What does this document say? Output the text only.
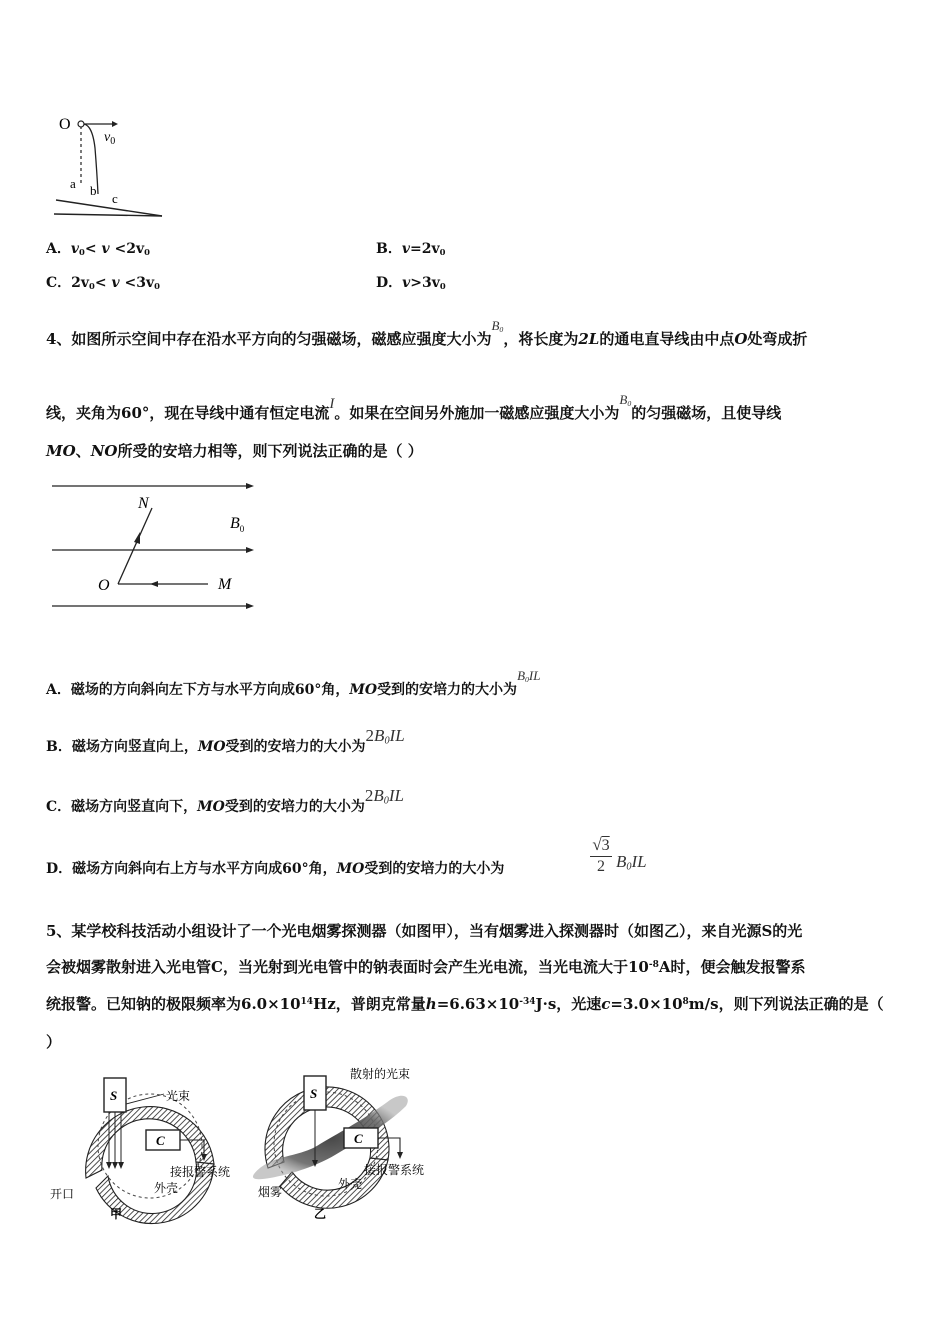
O
$v_0$
a b
c
A．$v_0< v <2v_0$	B．$v=2v_0$
C．$2v_0< v <3v_0$	D．$v>3v_0$
4、如图所示空间中存在沿水平方向的匀强磁场，磁感应强度大小为$B_0$，将长度为2L的通电直导线由中点O处弯成折
线，夹角为60°，现在导线中通有恒定电流I。如果在空间另外施加一磁感应强度大小为$B_0$的匀强磁场，且使导线
MO、NO所受的安培力相等，则下列说法正确的是（ ）
N
O	M
$B_0$
A．磁场的方向斜向左下方与水平方向成60°角，MO受到的安培力的大小为$B_0IL$
B．磁场方向竖直向上，MO受到的安培力的大小为$2B_0IL$
C．磁场方向竖直向下，MO受到的安培力的大小为$2B_0IL$
D．磁场方向斜向右上方与水平方向成60°角，MO受到的安培力的大小为
√3
2 $B_0IL$
5、某学校科技活动小组设计了一个光电烟雾探测器（如图甲），当有烟雾进入探测器时（如图乙），来自光源S的光
会被烟雾散射进入光电管C，当光射到光电管中的钠表面时会产生光电流，当光电流大于$10^{-8}A$时，便会触发报警系
统报警。已知钠的极限频率为$6.0\times 10^{14}Hz$，普朗克常量$h=6.63\times 10^{-34}J\cdot s$，光速$c=3.0\times 10^8m/s$，则下列说法正确的是（
）
S
C
光束
接报警系统
开口	外壳
甲
S
C
散射的光束
接报警系统
烟雾
外壳
乙
